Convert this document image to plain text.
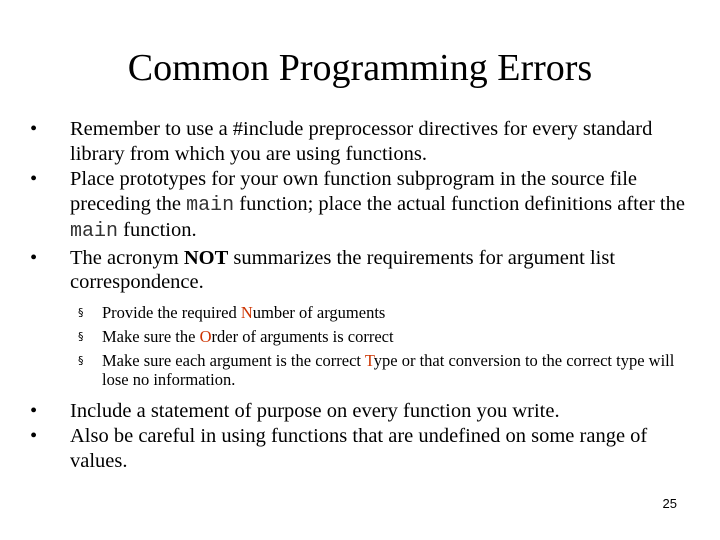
Common Programming Errors
• Remember to use a #include preprocessor directives for every standard library from which you are using functions.
• Place prototypes for your own function subprogram in the source file preceding the main function; place the actual function definitions after the main function.
• The acronym NOT summarizes the requirements for argument list correspondence.
§ Provide the required Number of arguments
§ Make sure the Order of arguments is correct
§ Make sure each argument is the correct Type or that conversion to the correct type will lose no information.
• Include a statement of purpose on every function you write.
• Also be careful in using functions that are undefined on some range of values.
25
